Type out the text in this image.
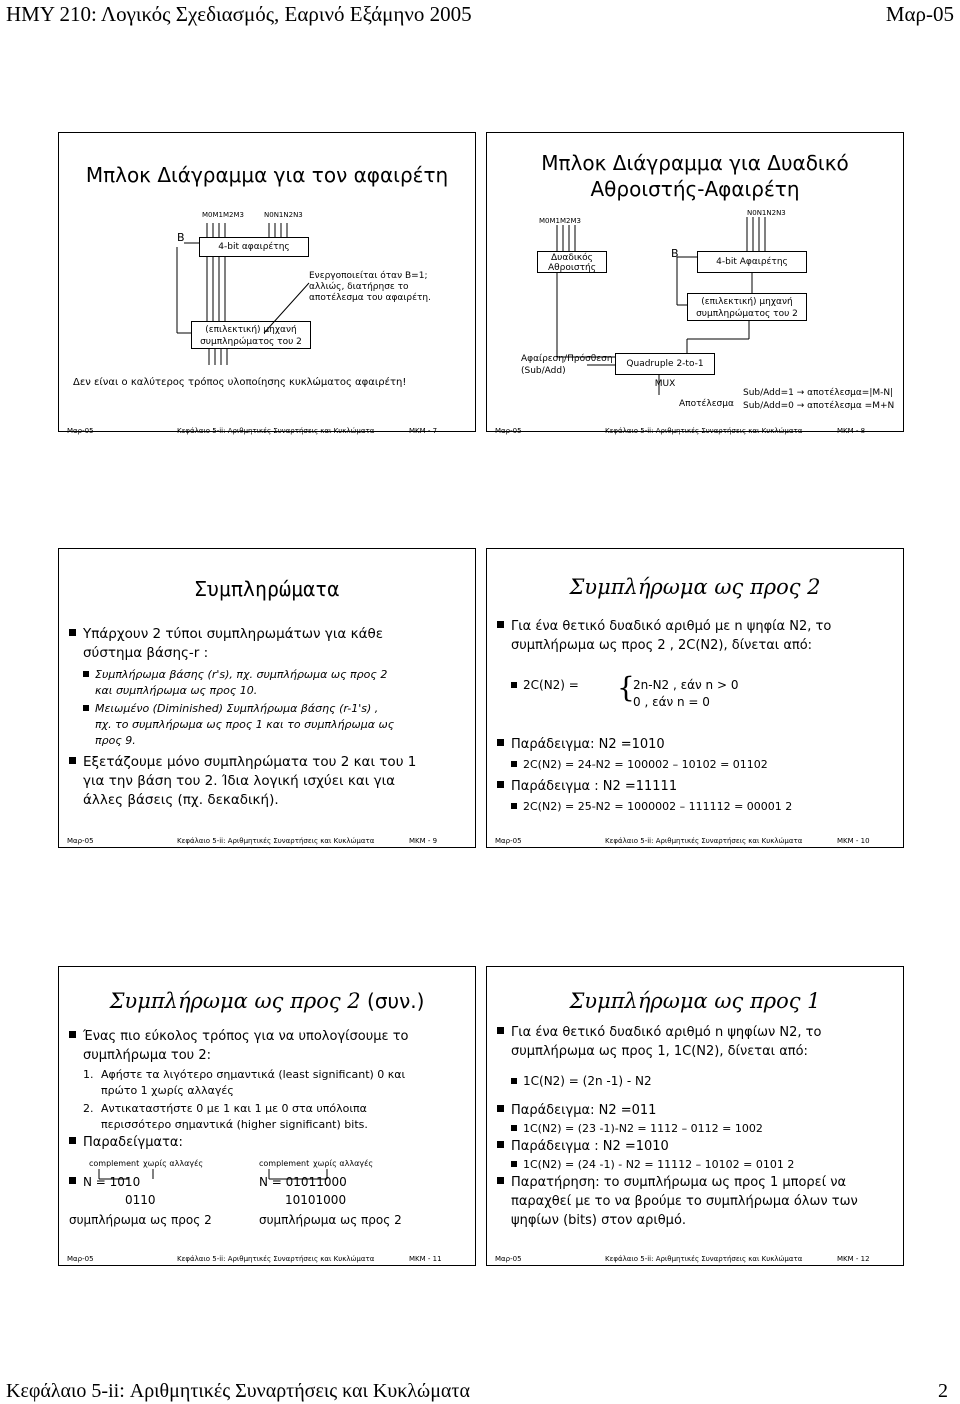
ΗΜΥ 210: Λογικός Σχεδιασμός, Εαρινό Εξάμηνο 2005	Μαρ-05
Μπλοκ Διάγραμμα για τον αφαιρέτη
B
M0M1M2M3	N0N1N2N3
4-bit αφαιρέτης
Ενεργοποιείται όταν B=1;
αλλιώς, διατήρησε το
αποτέλεσμα του αφαιρέτη.
(επιλεκτική) μηχανή
συμπληρώματος του 2
Δεν είναι ο καλύτερος τρόπος υλοποίησης κυκλώματος αφαιρέτη!
Μαρ-05	Κεφάλαιο 5-ii: Αριθμητικές Συναρτήσεις και Κυκλώματα	ΜΚΜ - 7
Μπλοκ Διάγραμμα για Δυαδικό
Αθροιστής-Αφαιρέτη
M0M1M2M3
N0N1N2N3
B
Δυαδικός
Αθροιστής
4-bit Αφαιρέτης
(επιλεκτική) μηχανή
συμπληρώματος του 2
Αφαίρεση/Πρόσθεση
(Sub/Add)
Quadruple 2-to-1 MUX
Αποτέλεσμα
Sub/Add=1 → αποτέλεσμα=|M-N|
Sub/Add=0 → αποτέλεσμα =M+N
Μαρ-05	Κεφάλαιο 5-ii: Αριθμητικές Συναρτήσεις και Κυκλώματα	ΜΚΜ - 8
Συμπληρώματα
Υπάρχουν 2 τύποι συμπληρωμάτων για κάθε
σύστημα βάσης-r :
Συμπλήρωμα βάσης (r's), πχ. συμπλήρωμα ως προς 2
και συμπλήρωμα ως προς 10.
Μειωμένο (Diminished) Συμπλήρωμα βάσης (r-1's) ,
πχ. το συμπλήρωμα ως προς 1 και το συμπλήρωμα ως
προς 9.
Εξετάζουμε μόνο συμπληρώματα του 2 και του 1
για την βάση του 2. Ίδια λογική ισχύει και για
άλλες βάσεις (πχ. δεκαδική).
Μαρ-05	Κεφάλαιο 5-ii: Αριθμητικές Συναρτήσεις και Κυκλώματα	ΜΚΜ - 9
Συμπλήρωμα ως προς 2
Για ένα θετικό δυαδικό αριθμό με n ψηφία N2, το
συμπλήρωμα ως προς 2 , 2C(N2), δίνεται από:
2C(N2) =	{
2n-N2 , εάν n > 0
0 , εάν n = 0
Παράδειγμα: N2 =1010
2C(N2) = 24-N2 = 100002 – 10102 = 01102
Παράδειγμα : N2 =11111
2C(N2) = 25-N2 = 1000002 – 111112 = 00001 2
Μαρ-05	Κεφάλαιο 5-ii: Αριθμητικές Συναρτήσεις και Κυκλώματα	ΜΚΜ - 10
Συμπλήρωμα ως προς 2 (συν.)
Ένας πιο εύκολος τρόπος για να υπολογίσουμε το
συμπλήρωμα του 2:
1. Αφήστε τα λιγότερο σημαντικά (least significant) 0 και
πρώτο 1 χωρίς αλλαγές
2. Αντικαταστήστε 0 με 1 και 1 με 0 στα υπόλοιπα
περισσότερο σημαντικά (higher significant) bits.
Παραδείγματα:
complement χωρίς αλλαγές	complement χωρίς αλλαγές
N = 1010
0110
συμπλήρωμα ως προς 2
N = 01011000
10101000
συμπλήρωμα ως προς 2
Μαρ-05	Κεφάλαιο 5-ii: Αριθμητικές Συναρτήσεις και Κυκλώματα	ΜΚΜ - 11
Συμπλήρωμα ως προς 1
Για ένα θετικό δυαδικό αριθμό n ψηφίων N2, το
συμπλήρωμα ως προς 1, 1C(N2), δίνεται από:
1C(N2) = (2n -1) - N2
Παράδειγμα: N2 =011
1C(N2) = (23 -1)-N2 = 1112 – 0112 = 1002
Παράδειγμα : N2 =1010
1C(N2) = (24 -1) - N2 = 11112 – 10102 = 0101 2
Παρατήρηση: το συμπλήρωμα ως προς 1 μπορεί να
παραχθεί με το να βρούμε το συμπλήρωμα όλων των
ψηφίων (bits) στον αριθμό.
Μαρ-05	Κεφάλαιο 5-ii: Αριθμητικές Συναρτήσεις και Κυκλώματα	ΜΚΜ - 12
Κεφάλαιο 5-ii: Αριθμητικές Συναρτήσεις και Κυκλώματα	2
